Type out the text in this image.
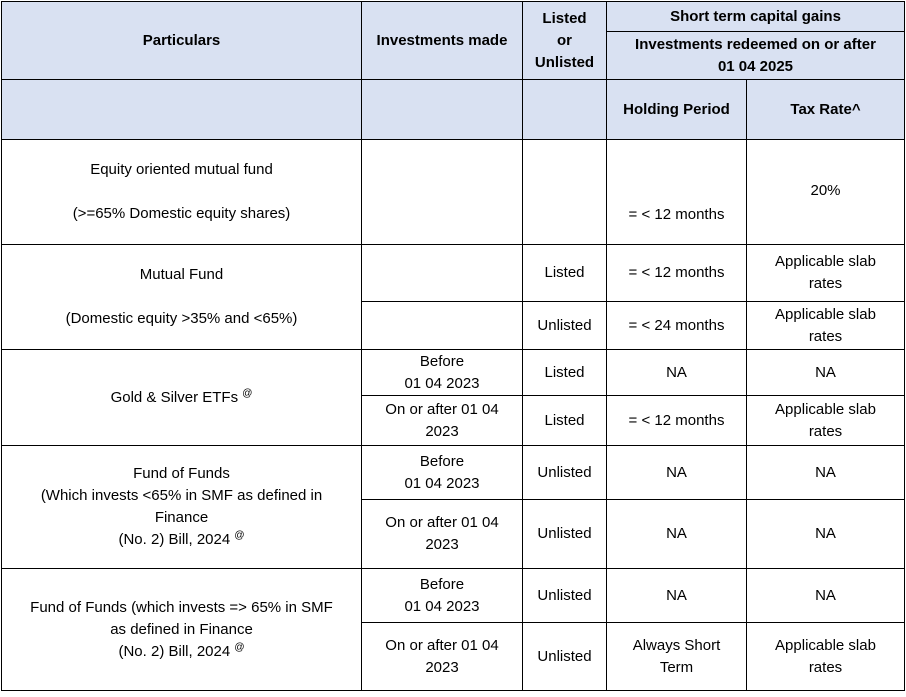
Particulars	Investments made	Listed
or
Unlisted	Short term capital gains	

			Investments redeemed on or after
01 04 2025	

			Holding Period	Tax Rate^

Equity oriented mutual fund
(>=65% Domestic equity shares)			= < 12 months	20%

Mutual Fund
(Domestic equity >35% and <65%)		Listed	= < 12 months	Applicable slab
rates

		Unlisted	= < 24 months	Applicable slab
rates

Gold & Silver ETFs @	Before
01 04 2023	Listed	NA	NA

	On or after 01 04
2023	Listed	= < 12 months	Applicable slab
rates

Fund of Funds
(Which invests <65% in SMF as defined in
Finance
(No. 2) Bill, 2024 @	Before
01 04 2023	Unlisted	NA	NA

	On or after 01 04
2023	Unlisted	NA	NA

Fund of Funds (which invests => 65% in SMF
as defined in Finance
(No. 2) Bill, 2024 @	Before
01 04 2023	Unlisted	NA	NA

	On or after 01 04
2023	Unlisted	Always Short
Term	Applicable slab
rates
